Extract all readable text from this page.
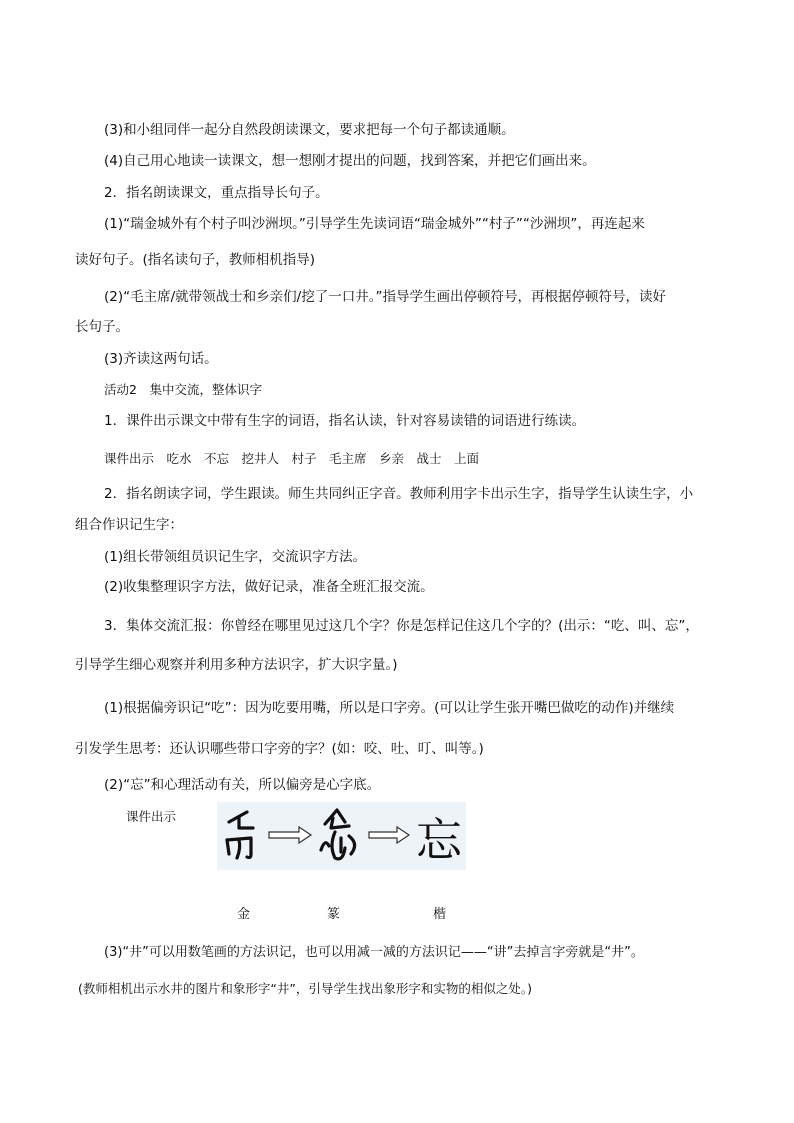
(3)和小组同伴一起分自然段朗读课文，要求把每一个句子都读通顺。
(4)自己用心地读一读课文，想一想刚才提出的问题，找到答案，并把它们画出来。
2．指名朗读课文，重点指导长句子。
(1)“瑞金城外有个村子叫沙洲坝。”引导学生先读词语“瑞金城外”“村子”“沙洲坝”，再连起来
读好句子。(指名读句子，教师相机指导)
(2)“毛主席/就带领战士和乡亲们/挖了一口井。”指导学生画出停顿符号，再根据停顿符号，读好
长句子。
(3)齐读这两句话。
活动2　集中交流，整体识字
1．课件出示课文中带有生字的词语，指名认读，针对容易读错的词语进行练读。
课件出示　吃水　不忘　挖井人　村子　毛主席　乡亲　战士　上面
2．指名朗读字词，学生跟读。师生共同纠正字音。教师利用字卡出示生字，指导学生认读生字，小
组合作识记生字：
(1)组长带领组员识记生字，交流识字方法。
(2)收集整理识字方法，做好记录，准备全班汇报交流。
3．集体交流汇报：你曾经在哪里见过这几个字？你是怎样记住这几个字的？(出示：“吃、叫、忘”，
引导学生细心观察并利用多种方法识字，扩大识字量。)
(1)根据偏旁识记“吃”：因为吃要用嘴，所以是口字旁。(可以让学生张开嘴巴做吃的动作)并继续
引发学生思考：还认识哪些带口字旁的字？(如：咬、吐、叮、叫等。)
(2)“忘”和心理活动有关，所以偏旁是心字底。
课件出示	忘
金	篆	楷
(3)“井”可以用数笔画的方法识记，也可以用减一减的方法识记——“讲”去掉言字旁就是“井”。
(教师相机出示水井的图片和象形字“井”，引导学生找出象形字和实物的相似之处。)
